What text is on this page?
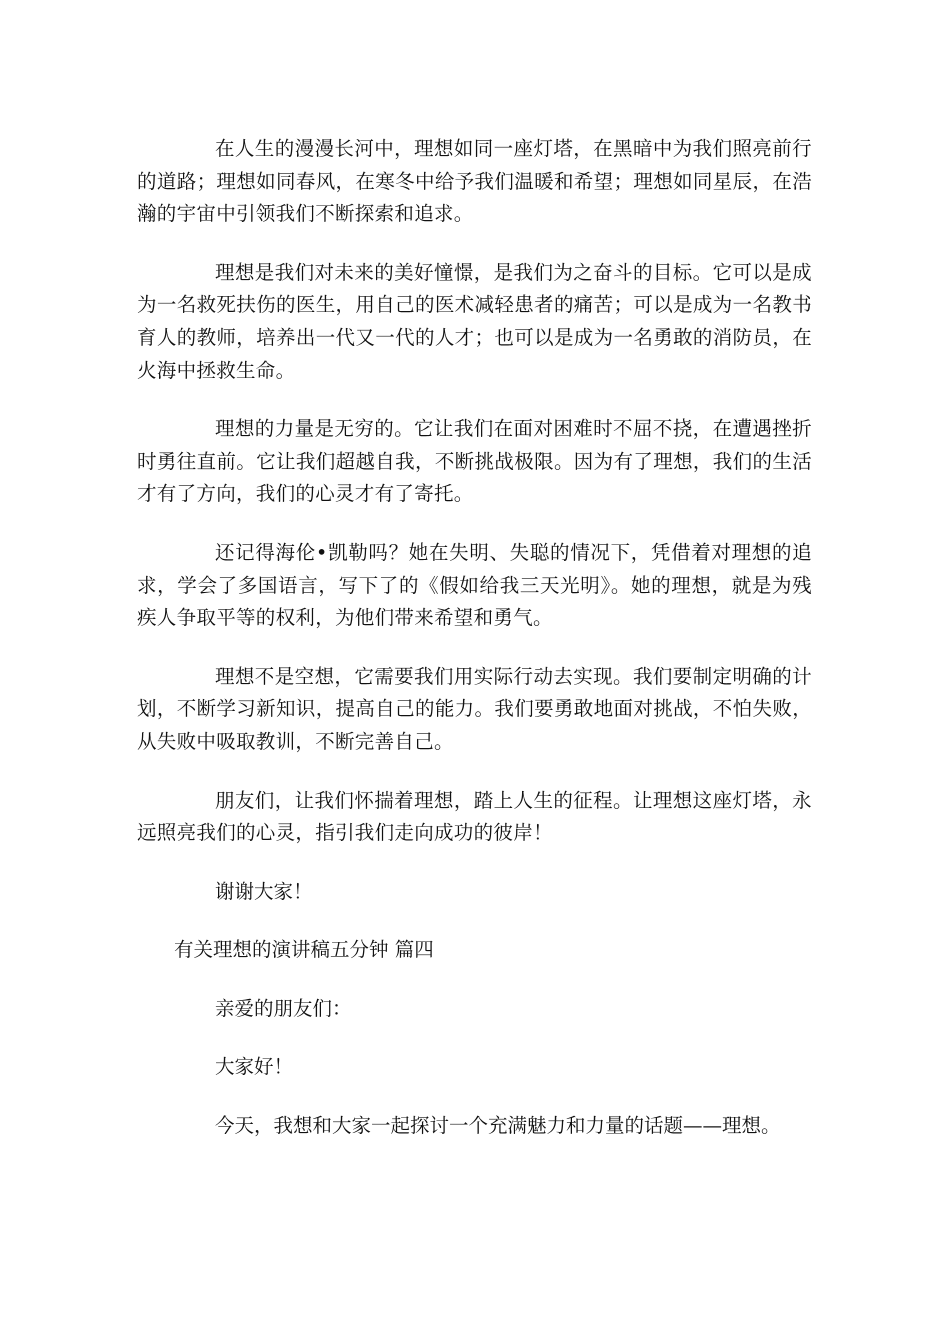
在人生的漫漫长河中，理想如同一座灯塔，在黑暗中为我们照亮前行的道路；理想如同春风，在寒冬中给予我们温暖和希望；理想如同星辰，在浩瀚的宇宙中引领我们不断探索和追求。

理想是我们对未来的美好憧憬，是我们为之奋斗的目标。它可以是成为一名救死扶伤的医生，用自己的医术减轻患者的痛苦；可以是成为一名教书育人的教师，培养出一代又一代的人才；也可以是成为一名勇敢的消防员，在火海中拯救生命。

理想的力量是无穷的。它让我们在面对困难时不屈不挠，在遭遇挫折时勇往直前。它让我们超越自我，不断挑战极限。因为有了理想，我们的生活才有了方向，我们的心灵才有了寄托。

还记得海伦•凯勒吗？她在失明、失聪的情况下，凭借着对理想的追求，学会了多国语言，写下了的《假如给我三天光明》。她的理想，就是为残疾人争取平等的权利，为他们带来希望和勇气。

理想不是空想，它需要我们用实际行动去实现。我们要制定明确的计划，不断学习新知识，提高自己的能力。我们要勇敢地面对挑战，不怕失败，从失败中吸取教训，不断完善自己。

朋友们，让我们怀揣着理想，踏上人生的征程。让理想这座灯塔，永远照亮我们的心灵，指引我们走向成功的彼岸！

谢谢大家！

有关理想的演讲稿五分钟 篇四

亲爱的朋友们：

大家好！

今天，我想和大家一起探讨一个充满魅力和力量的话题——理想。
